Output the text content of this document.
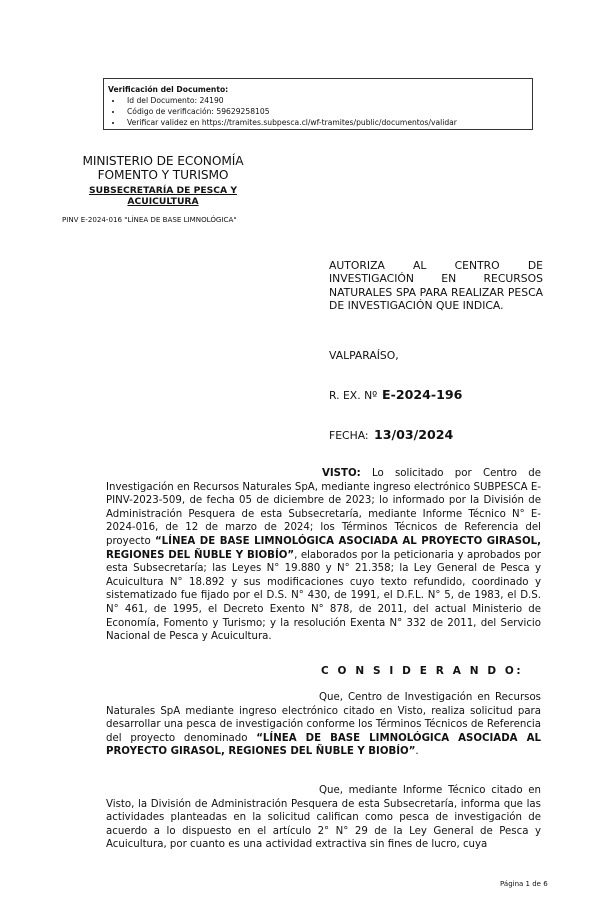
Verificación del Documento:
• Id del Documento: 24190
• Código de verificación: 59629258105
• Verificar validez en https://tramites.subpesca.cl/wf-tramites/public/documentos/validar
MINISTERIO DE ECONOMÍA
FOMENTO Y TURISMO
SUBSECRETARÍA DE PESCA Y ACUICULTURA
PINV E-2024-016 "LÍNEA DE BASE LIMNOLÓGICA"
AUTORIZA AL CENTRO DE INVESTIGACIÓN EN RECURSOS NATURALES SPA PARA REALIZAR PESCA DE INVESTIGACIÓN QUE INDICA.
VALPARAÍSO,
R. EX. Nº E-2024-196
FECHA: 13/03/2024
VISTO: Lo solicitado por Centro de Investigación en Recursos Naturales SpA, mediante ingreso electrónico SUBPESCA E-PINV-2023-509, de fecha 05 de diciembre de 2023; lo informado por la División de Administración Pesquera de esta Subsecretaría, mediante Informe Técnico N° E-2024-016, de 12 de marzo de 2024; los Términos Técnicos de Referencia del proyecto “LÍNEA DE BASE LIMNOLÓGICA ASOCIADA AL PROYECTO GIRASOL, REGIONES DEL ÑUBLE Y BIOBÍO”, elaborados por la peticionaria y aprobados por esta Subsecretaría; las Leyes N° 19.880 y N° 21.358; la Ley General de Pesca y Acuicultura N° 18.892 y sus modificaciones cuyo texto refundido, coordinado y sistematizado fue fijado por el D.S. N° 430, de 1991, el D.F.L. N° 5, de 1983, el D.S. N° 461, de 1995, el Decreto Exento N° 878, de 2011, del actual Ministerio de Economía, Fomento y Turismo; y la resolución Exenta N° 332 de 2011, del Servicio Nacional de Pesca y Acuicultura.
C O N S I D E R A N D O:
Que, Centro de Investigación en Recursos Naturales SpA mediante ingreso electrónico citado en Visto, realiza solicitud para desarrollar una pesca de investigación conforme los Términos Técnicos de Referencia del proyecto denominado “LÍNEA DE BASE LIMNOLÓGICA ASOCIADA AL PROYECTO GIRASOL, REGIONES DEL ÑUBLE Y BIOBÍO”.
Que, mediante Informe Técnico citado en Visto, la División de Administración Pesquera de esta Subsecretaría, informa que las actividades planteadas en la solicitud califican como pesca de investigación de acuerdo a lo dispuesto en el artículo 2° N° 29 de la Ley General de Pesca y Acuicultura, por cuanto es una actividad extractiva sin fines de lucro, cuya
Página 1 de 6
